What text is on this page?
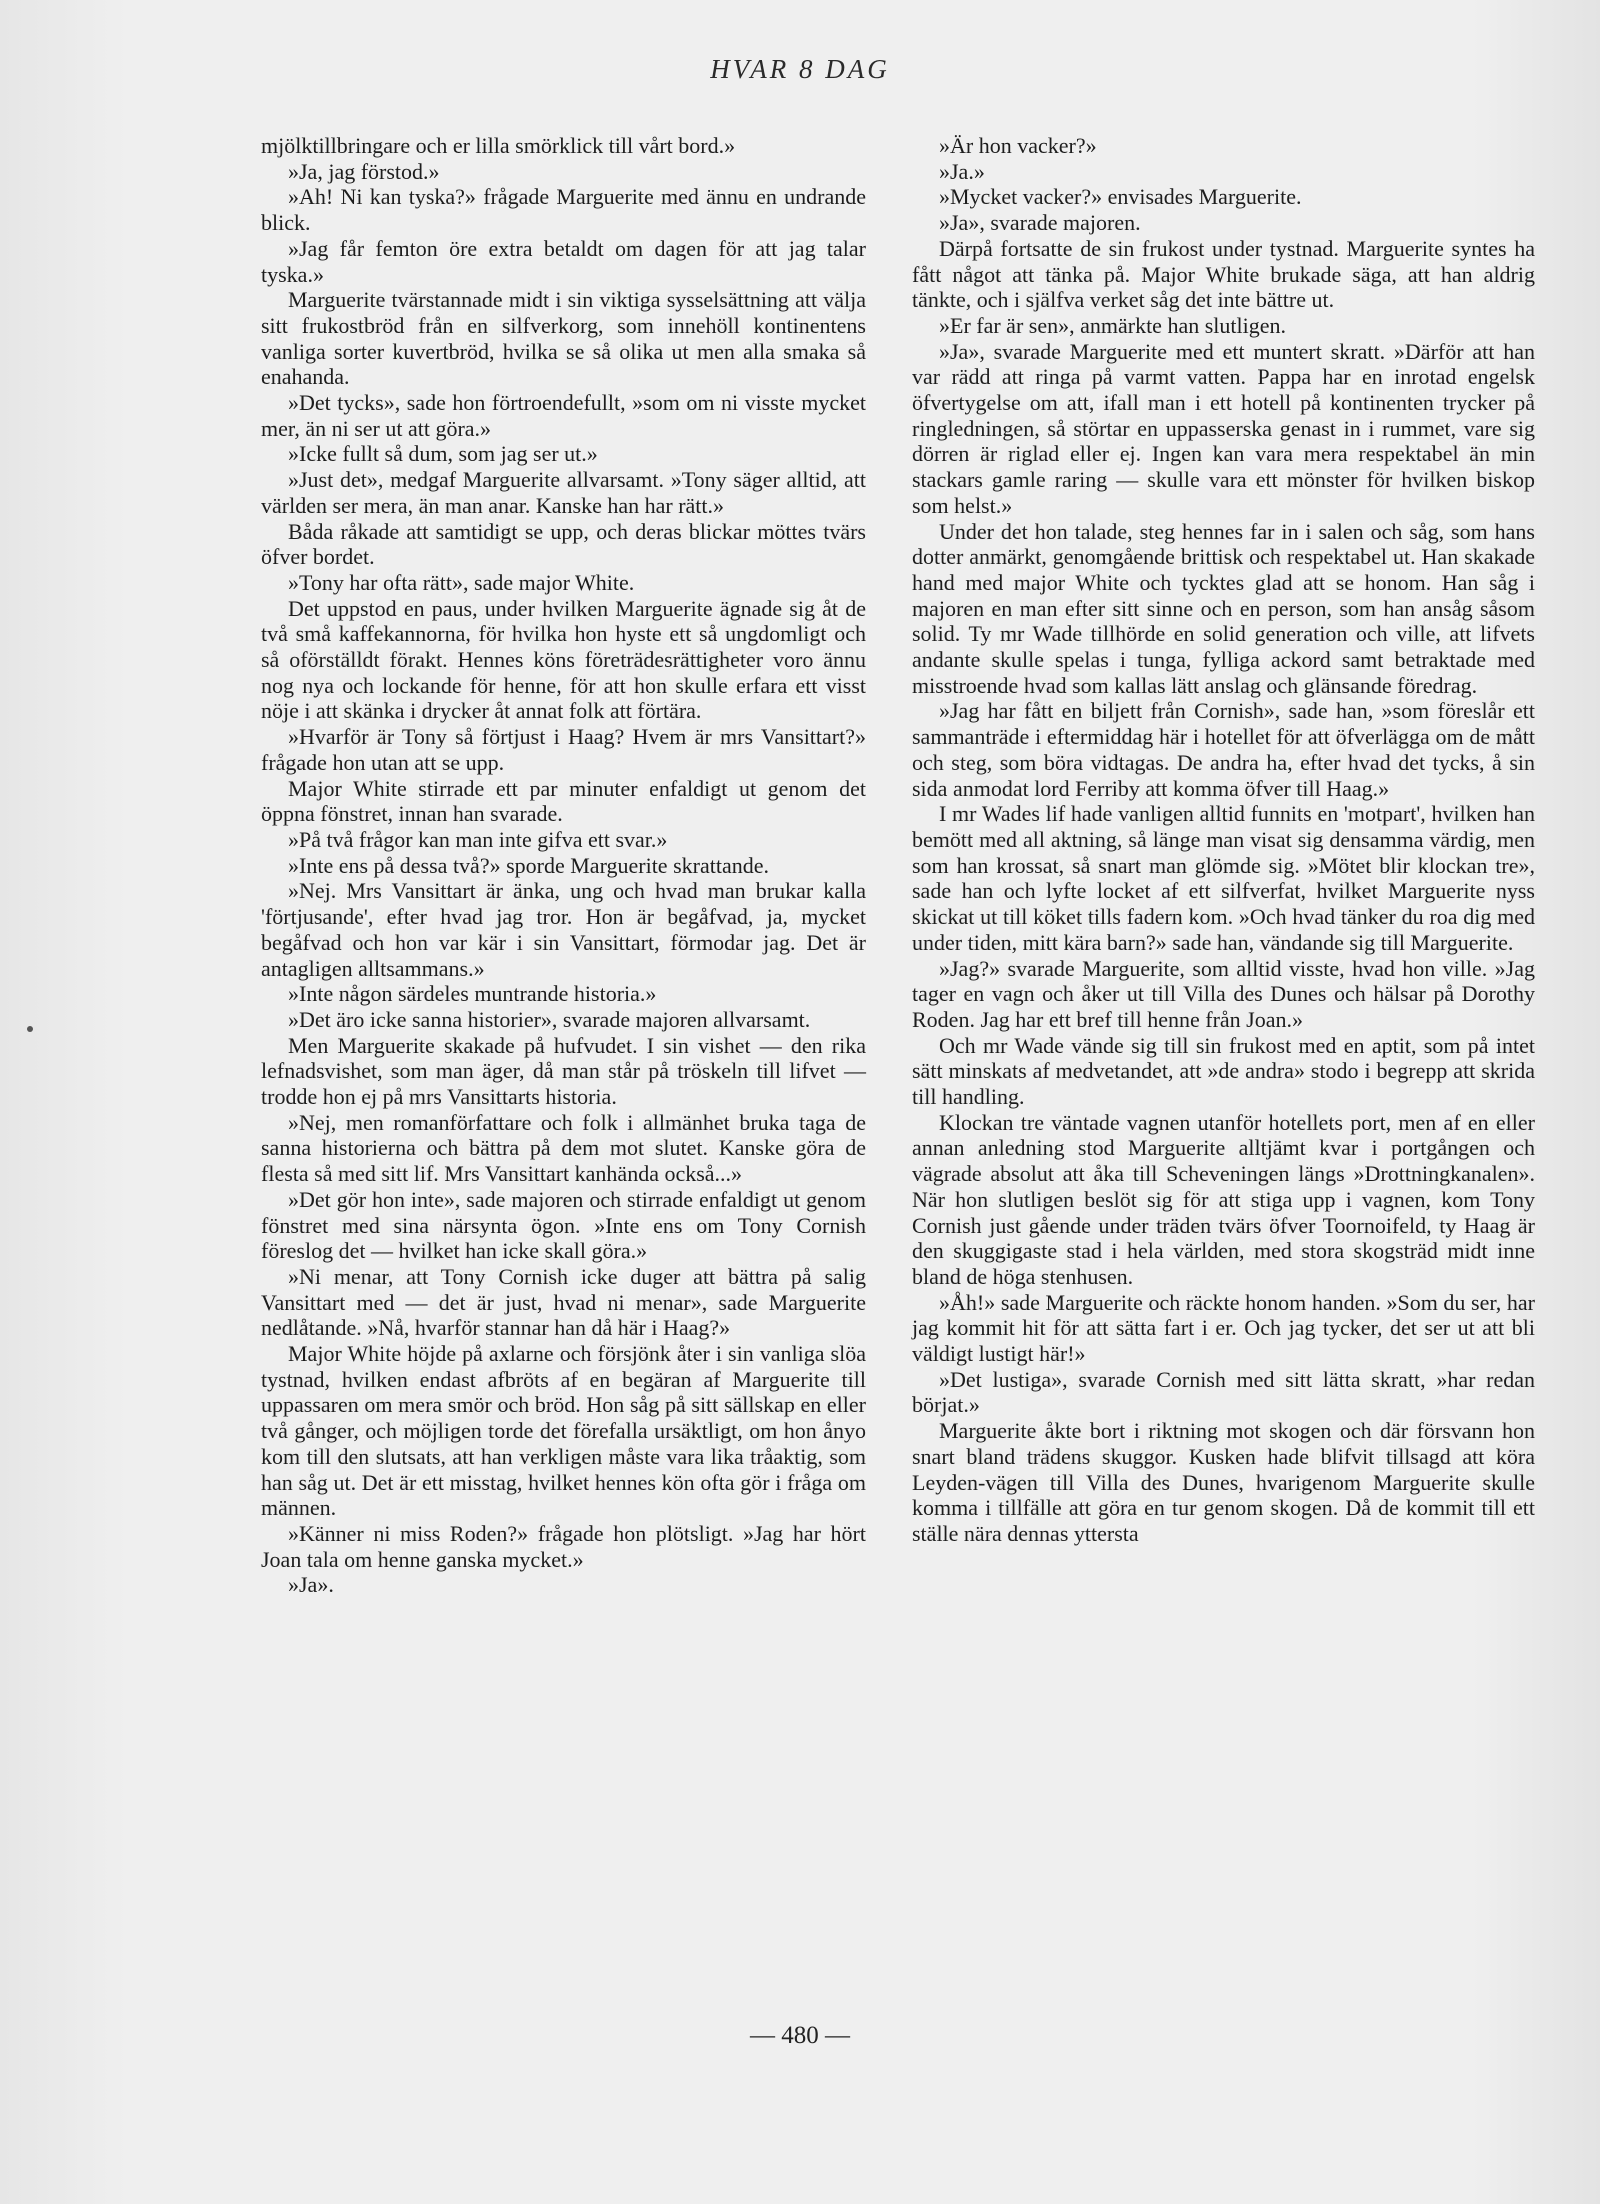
HVAR 8 DAG

mjölktillbringare och er lilla smörklick till vårt bord.»

»Ja, jag förstod.»

»Ah! Ni kan tyska?» frågade Marguerite med ännu en undrande blick.

»Jag får femton öre extra betaldt om dagen för att jag talar tyska.»

Marguerite tvärstannade midt i sin viktiga sysselsättning att välja sitt frukostbröd från en silfverkorg, som innehöll kontinentens vanliga sorter kuvertbröd, hvilka se så olika ut men alla smaka så enahanda.

»Det tycks», sade hon förtroendefullt, »som om ni visste mycket mer, än ni ser ut att göra.»

»Icke fullt så dum, som jag ser ut.»

»Just det», medgaf Marguerite allvarsamt. »Tony säger alltid, att världen ser mera, än man anar. Kanske han har rätt.»

Båda råkade att samtidigt se upp, och deras blickar möttes tvärs öfver bordet.

»Tony har ofta rätt», sade major White.

Det uppstod en paus, under hvilken Marguerite ägnade sig åt de två små kaffekannorna, för hvilka hon hyste ett så ungdomligt och så oförställdt förakt. Hennes köns företrädesrättigheter voro ännu nog nya och lockande för henne, för att hon skulle erfara ett visst nöje i att skänka i drycker åt annat folk att förtära.

»Hvarför är Tony så förtjust i Haag? Hvem är mrs Vansittart?» frågade hon utan att se upp.

Major White stirrade ett par minuter enfaldigt ut genom det öppna fönstret, innan han svarade.

»På två frågor kan man inte gifva ett svar.»

»Inte ens på dessa två?» sporde Marguerite skrattande.

»Nej. Mrs Vansittart är änka, ung och hvad man brukar kalla 'förtjusande', efter hvad jag tror. Hon är begåfvad, ja, mycket begåfvad och hon var kär i sin Vansittart, förmodar jag. Det är antagligen alltsammans.»

»Inte någon särdeles muntrande historia.»

»Det äro icke sanna historier», svarade majoren allvarsamt.

Men Marguerite skakade på hufvudet. I sin vishet — den rika lefnadsvishet, som man äger, då man står på tröskeln till lifvet — trodde hon ej på mrs Vansittarts historia.

»Nej, men romanförfattare och folk i allmänhet bruka taga de sanna historierna och bättra på dem mot slutet. Kanske göra de flesta så med sitt lif. Mrs Vansittart kanhända också...»

»Det gör hon inte», sade majoren och stirrade enfaldigt ut genom fönstret med sina närsynta ögon. »Inte ens om Tony Cornish föreslog det — hvilket han icke skall göra.»

»Ni menar, att Tony Cornish icke duger att bättra på salig Vansittart med — det är just, hvad ni menar», sade Marguerite nedlåtande. »Nå, hvarför stannar han då här i Haag?»

Major White höjde på axlarne och försjönk åter i sin vanliga slöa tystnad, hvilken endast afbröts af en begäran af Marguerite till uppassaren om mera smör och bröd. Hon såg på sitt sällskap en eller två gånger, och möjligen torde det förefalla ursäktligt, om hon ånyo kom till den slutsats, att han verkligen måste vara lika tråaktig, som han såg ut. Det är ett misstag, hvilket hennes kön ofta gör i fråga om männen.

»Känner ni miss Roden?» frågade hon plötsligt. »Jag har hört Joan tala om henne ganska mycket.»

»Ja».

»Är hon vacker?»

»Ja.»

»Mycket vacker?» envisades Marguerite.

»Ja», svarade majoren.

Därpå fortsatte de sin frukost under tystnad. Marguerite syntes ha fått något att tänka på. Major White brukade säga, att han aldrig tänkte, och i själfva verket såg det inte bättre ut.

»Er far är sen», anmärkte han slutligen.

»Ja», svarade Marguerite med ett muntert skratt. »Därför att han var rädd att ringa på varmt vatten. Pappa har en inrotad engelsk öfvertygelse om att, ifall man i ett hotell på kontinenten trycker på ringledningen, så störtar en uppasserska genast in i rummet, vare sig dörren är riglad eller ej. Ingen kan vara mera respektabel än min stackars gamle raring — skulle vara ett mönster för hvilken biskop som helst.»

Under det hon talade, steg hennes far in i salen och såg, som hans dotter anmärkt, genomgående brittisk och respektabel ut. Han skakade hand med major White och tycktes glad att se honom. Han såg i majoren en man efter sitt sinne och en person, som han ansåg såsom solid. Ty mr Wade tillhörde en solid generation och ville, att lifvets andante skulle spelas i tunga, fylliga ackord samt betraktade med misstroende hvad som kallas lätt anslag och glänsande föredrag.

»Jag har fått en biljett från Cornish», sade han, »som föreslår ett sammanträde i eftermiddag här i hotellet för att öfverlägga om de mått och steg, som böra vidtagas. De andra ha, efter hvad det tycks, å sin sida anmodat lord Ferriby att komma öfver till Haag.»

I mr Wades lif hade vanligen alltid funnits en 'motpart', hvilken han bemött med all aktning, så länge man visat sig densamma värdig, men som han krossat, så snart man glömde sig. »Mötet blir klockan tre», sade han och lyfte locket af ett silfverfat, hvilket Marguerite nyss skickat ut till köket tills fadern kom. »Och hvad tänker du roa dig med under tiden, mitt kära barn?» sade han, vändande sig till Marguerite.

»Jag?» svarade Marguerite, som alltid visste, hvad hon ville. »Jag tager en vagn och åker ut till Villa des Dunes och hälsar på Dorothy Roden. Jag har ett bref till henne från Joan.»

Och mr Wade vände sig till sin frukost med en aptit, som på intet sätt minskats af medvetandet, att »de andra» stodo i begrepp att skrida till handling.

Klockan tre väntade vagnen utanför hotellets port, men af en eller annan anledning stod Marguerite alltjämt kvar i portgången och vägrade absolut att åka till Scheveningen längs »Drottningkanalen». När hon slutligen beslöt sig för att stiga upp i vagnen, kom Tony Cornish just gående under träden tvärs öfver Toornoifeld, ty Haag är den skuggigaste stad i hela världen, med stora skogsträd midt inne bland de höga stenhusen.

»Åh!» sade Marguerite och räckte honom handen. »Som du ser, har jag kommit hit för att sätta fart i er. Och jag tycker, det ser ut att bli väldigt lustigt här!»

»Det lustiga», svarade Cornish med sitt lätta skratt, »har redan börjat.»

Marguerite åkte bort i riktning mot skogen och där försvann hon snart bland trädens skuggor. Kusken hade blifvit tillsagd att köra Leyden-vägen till Villa des Dunes, hvarigenom Marguerite skulle komma i tillfälle att göra en tur genom skogen. Då de kommit till ett ställe nära dennas yttersta

— 480 —
